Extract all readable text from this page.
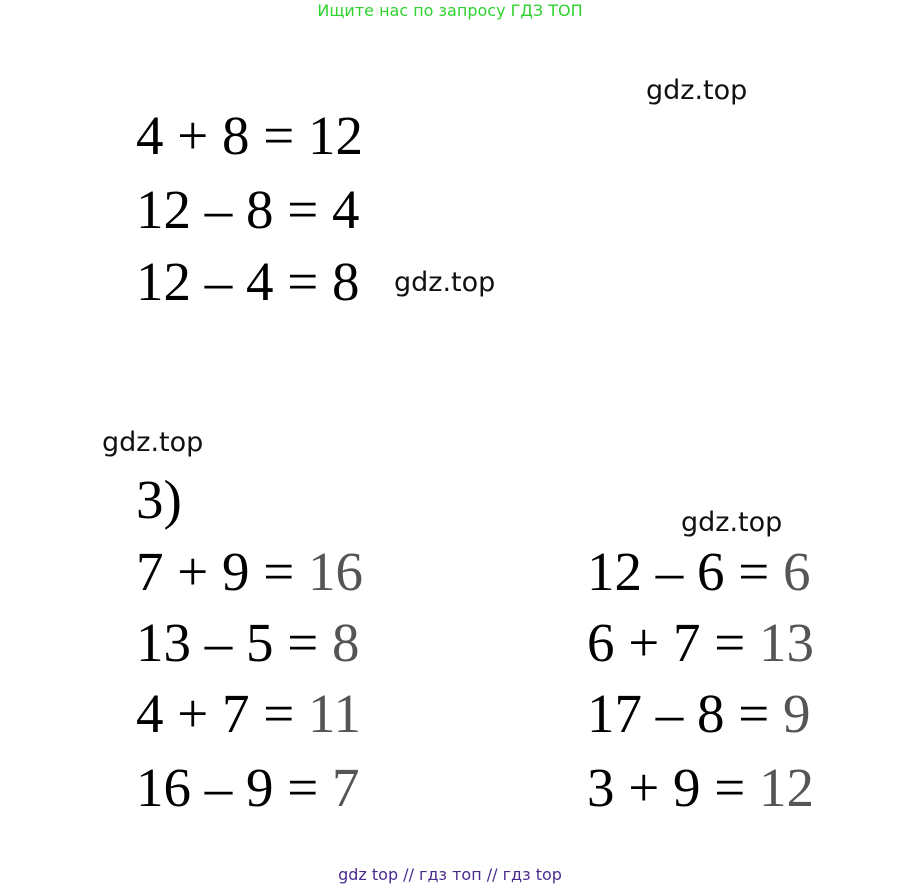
Ищите нас по запросу ГДЗ ТОП
gdz.top
gdz.top
gdz.top
gdz.top
4 + 8 = 12
12 – 8 = 4
12 – 4 = 8
3)
7 + 9 = 16
13 – 5 = 8
4 + 7 = 11
16 – 9 = 7
12 – 6 = 6
6 + 7 = 13
17 – 8 = 9
3 + 9 = 12
gdz top // гдз топ // гдз top
